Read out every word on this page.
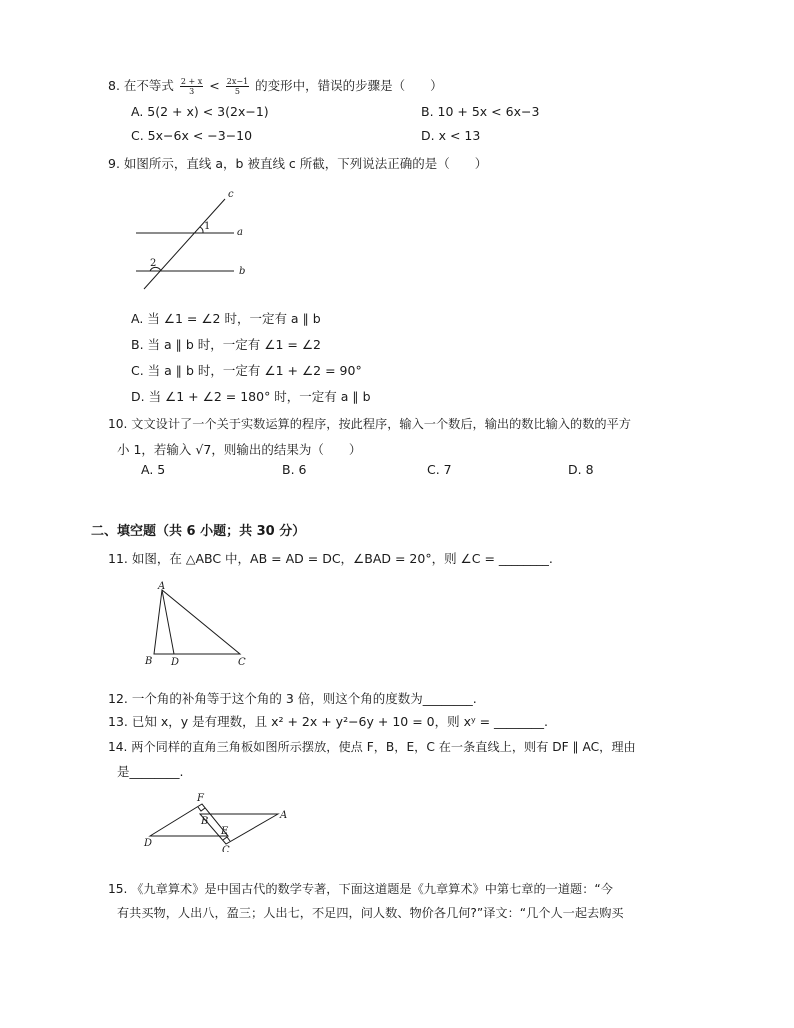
8. 在不等式 $\frac{2 + x}{3} < \frac{2x-1}{5}$ 的变形中，错误的步骤是（　　）
A. 5(2 + x) < 3(2x−1)	B. 10 + 5x < 6x−3
C. 5x−6x < −3−10	D. x < 13
9. 如图所示，直线 a，b 被直线 c 所截，下列说法正确的是（　　）
c
a
b
1
2
A. 当 ∠1 = ∠2 时，一定有 a ∥ b
B. 当 a ∥ b 时，一定有 ∠1 = ∠2
C. 当 a ∥ b 时，一定有 ∠1 + ∠2 = 90°
D. 当 ∠1 + ∠2 = 180° 时，一定有 a ∥ b
10. 文文设计了一个关于实数运算的程序，按此程序，输入一个数后，输出的数比输入的数的平方
小 1，若输入 √7，则输出的结果为（　　）
A. 5	B. 6	C. 7	D. 8
二、填空题（共 6 小题；共 30 分）
11. 如图，在 △ABC 中，AB = AD = DC，∠BAD = 20°，则 ∠C = ________.
A
B D	C
12. 一个角的补角等于这个角的 3 倍，则这个角的度数为________.
13. 已知 x，y 是有理数，且 x² + 2x + y²−6y + 10 = 0，则 xʸ = ________.
14. 两个同样的直角三角板如图所示摆放，使点 F，B，E，C 在一条直线上，则有 DF ∥ AC，理由
是________.
F
B
E
A
D
C
15. 《九章算术》是中国古代的数学专著，下面这道题是《九章算术》中第七章的一道题：“今
有共买物，人出八，盈三；人出七，不足四，问人数、物价各几何?”译文：“几个人一起去购买
